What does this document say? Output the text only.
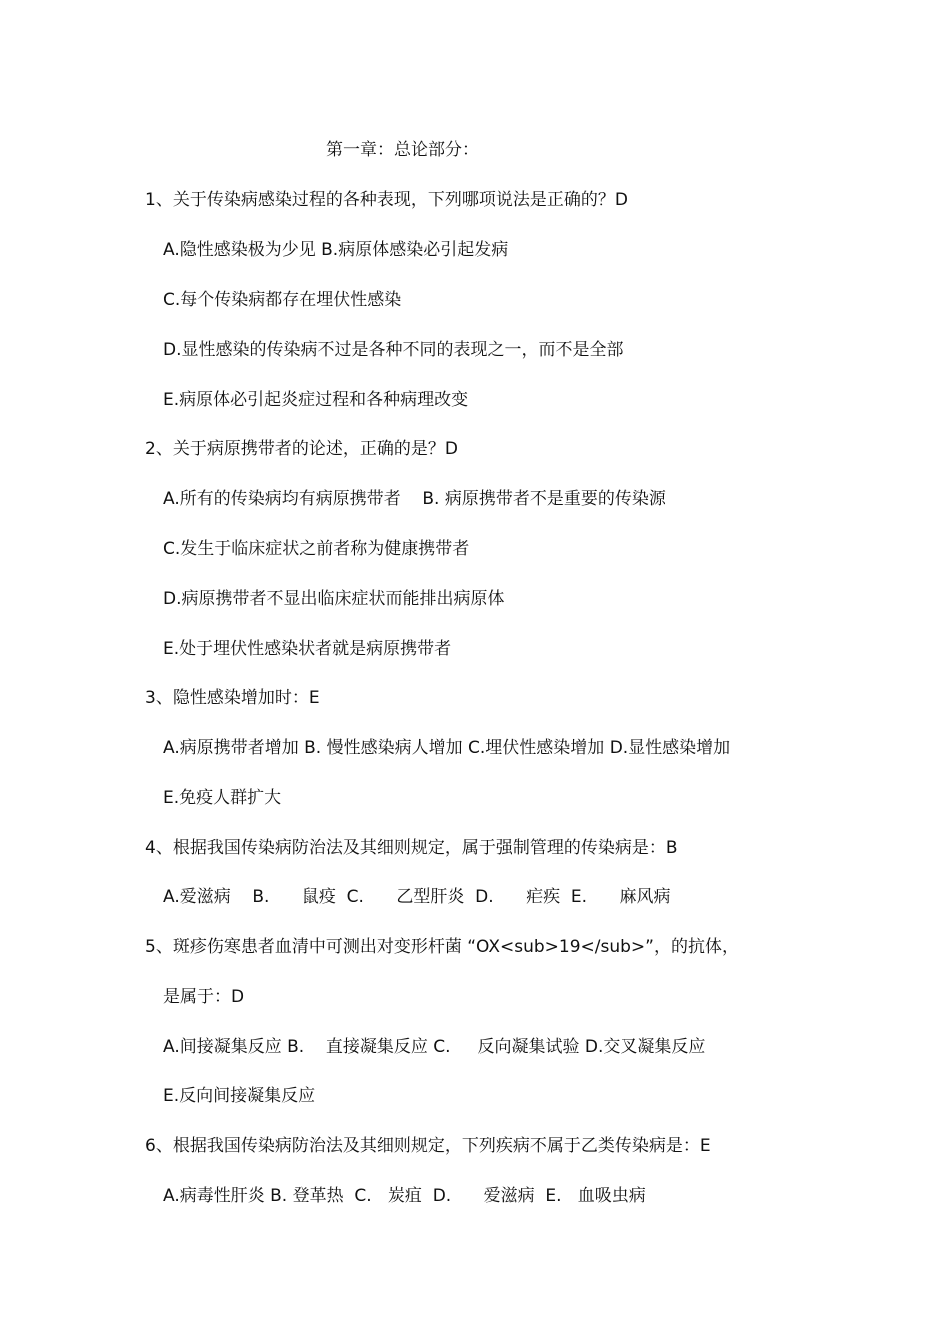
第一章：总论部分：
1、关于传染病感染过程的各种表现，下列哪项说法是正确的？D
A.隐性感染极为少见 B.病原体感染必引起发病
C.每个传染病都存在埋伏性感染
D.显性感染的传染病不过是各种不同的表现之一，而不是全部
E.病原体必引起炎症过程和各种病理改变
2、关于病原携带者的论述，正确的是？D
A.所有的传染病均有病原携带者    B. 病原携带者不是重要的传染源
C.发生于临床症状之前者称为健康携带者
D.病原携带者不显出临床症状而能排出病原体
E.处于埋伏性感染状者就是病原携带者
3、隐性感染增加时：E
A.病原携带者增加 B. 慢性感染病人增加 C.埋伏性感染增加 D.显性感染增加
E.免疫人群扩大
4、根据我国传染病防治法及其细则规定，属于强制管理的传染病是：B
A.爱滋病    B.      鼠疫  C.      乙型肝炎  D.      疟疾  E.      麻风病
5、斑疹伤寒患者血清中可测出对变形杆菌 “OX<sub>19</sub>”，的抗体，
是属于：D
A.间接凝集反应 B.    直接凝集反应 C.     反向凝集试验 D.交叉凝集反应
E.反向间接凝集反应
6、根据我国传染病防治法及其细则规定，下列疾病不属于乙类传染病是：E
A.病毒性肝炎 B. 登革热  C.   炭疽  D.      爱滋病  E.   血吸虫病
